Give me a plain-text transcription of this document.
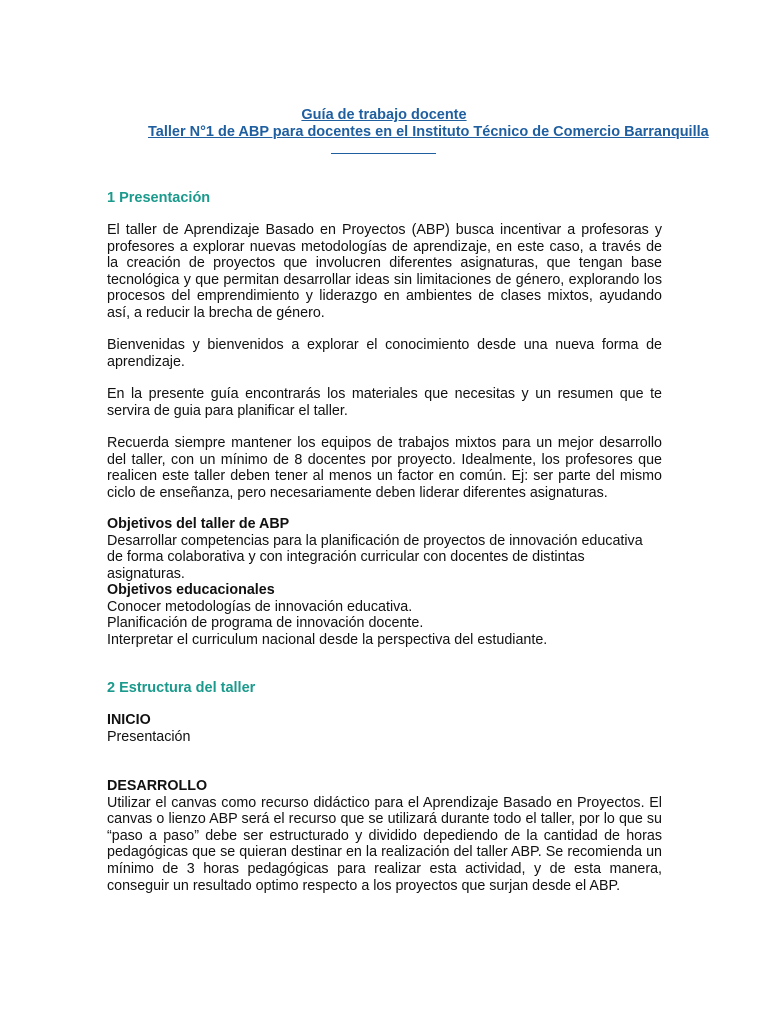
Guía de trabajo docente

Taller N°1 de ABP para docentes en el Instituto Técnico de Comercio Barranquilla

1 Presentación

El taller de Aprendizaje Basado en Proyectos (ABP) busca incentivar a profesoras y profesores a explorar nuevas metodologías de aprendizaje, en este caso, a través de la creación de proyectos que involucren diferentes asignaturas, que tengan base tecnológica y que permitan desarrollar ideas sin limitaciones de género, explorando los procesos del emprendimiento y liderazgo en ambientes de clases mixtos, ayudando así, a reducir la brecha de género.

Bienvenidas y bienvenidos a explorar el conocimiento desde una nueva forma de aprendizaje.

En la presente guía encontrarás los materiales que necesitas y un resumen que te servira de guia para planificar el taller.

Recuerda siempre mantener los equipos de trabajos mixtos para un mejor desarrollo del taller, con un mínimo de 8 docentes por proyecto. Idealmente, los profesores que realicen este taller deben tener al menos un factor en común. Ej: ser parte del mismo ciclo de enseñanza, pero necesariamente deben liderar diferentes asignaturas.

Objetivos del taller de ABP
Desarrollar competencias para la planificación de proyectos de innovación educativa de forma colaborativa y con integración curricular con docentes de distintas asignaturas.
Objetivos educacionales
Conocer metodologías de innovación educativa.
Planificación de programa de innovación docente.
Interpretar el curriculum nacional desde la perspectiva del estudiante.

2 Estructura del taller

INICIO
Presentación
DESARROLLO
Utilizar el canvas como recurso didáctico para el Aprendizaje Basado en Proyectos. El canvas o lienzo ABP será el recurso que se utilizará durante todo el taller, por lo que su “paso a paso” debe ser estructurado y dividido depediendo de la cantidad de horas pedagógicas que se quieran destinar en la realización del taller ABP. Se recomienda un mínimo de 3 horas pedagógicas para realizar esta actividad, y de esta manera, conseguir un resultado optimo respecto a los proyectos que surjan desde el ABP.
